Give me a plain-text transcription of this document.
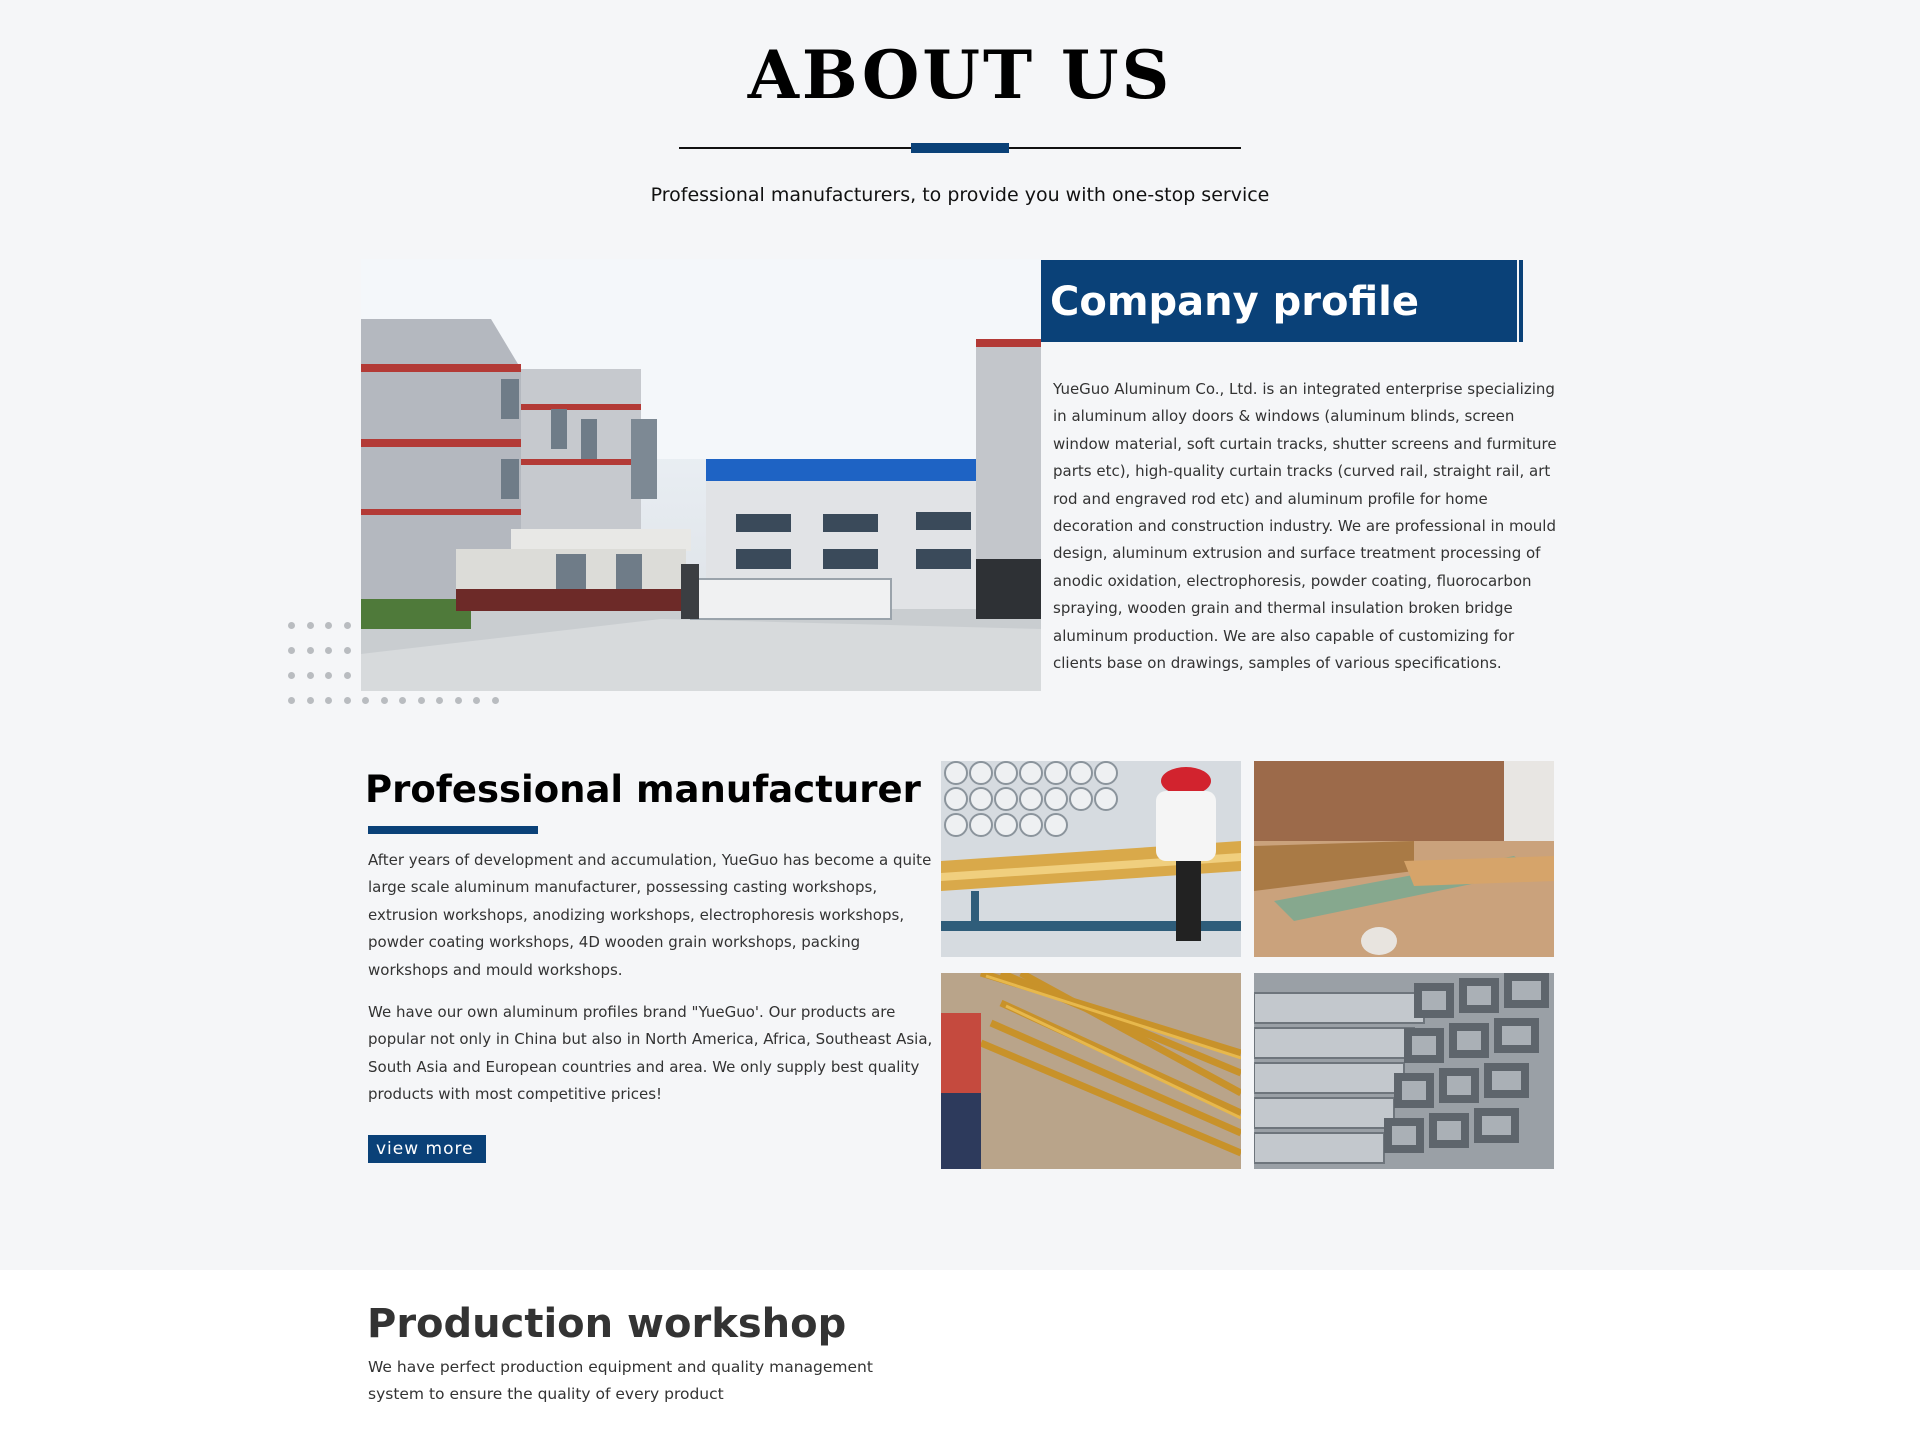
ABOUT US
Professional manufacturers, to provide you with one-stop service
Company profile
YueGuo Aluminum Co., Ltd. is an integrated enterprise specializing in aluminum alloy doors & windows (aluminum blinds, screen window material, soft curtain tracks, shutter screens and furmiture parts etc), high-quality curtain tracks (curved rail, straight rail, art rod and engraved rod etc) and aluminum profile for home decoration and construction industry. We are professional in mould design, aluminum extrusion and surface treatment processing of anodic oxidation, electrophoresis, powder coating, fluorocarbon spraying, wooden grain and thermal insulation broken bridge aluminum production. We are also capable of customizing for clients base on drawings, samples of various specifications.
Professional manufacturer
After years of development and accumulation, YueGuo has become a quite large scale aluminum manufacturer, possessing casting workshops, extrusion workshops, anodizing workshops, electrophoresis workshops, powder coating workshops, 4D wooden grain workshops, packing workshops and mould workshops.
We have our own aluminum profiles brand "YueGuo'. Our products are popular not only in China but also in North America, Africa, Southeast Asia, South Asia and European countries and area. We only supply best quality products with most competitive prices!
view more
Production workshop
We have perfect production equipment and quality management system to ensure the quality of every product
